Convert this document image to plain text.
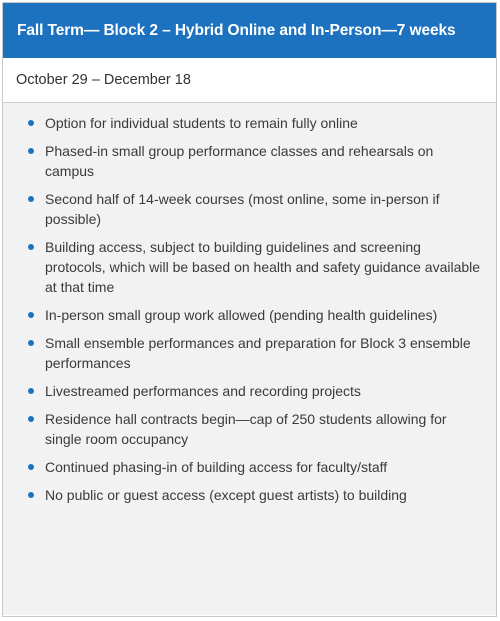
Fall Term— Block 2 – Hybrid Online and In-Person—7 weeks
October 29 – December 18
Option for individual students to remain fully online
Phased-in small group performance classes and rehearsals on campus
Second half of 14-week courses (most online, some in-person if possible)
Building access, subject to building guidelines and screening protocols, which will be based on health and safety guidance available at that time
In-person small group work allowed (pending health guidelines)
Small ensemble performances and preparation for Block 3 ensemble performances
Livestreamed performances and recording projects
Residence hall contracts begin—cap of 250 students allowing for single room occupancy
Continued phasing-in of building access for faculty/staff
No public or guest access (except guest artists) to building
